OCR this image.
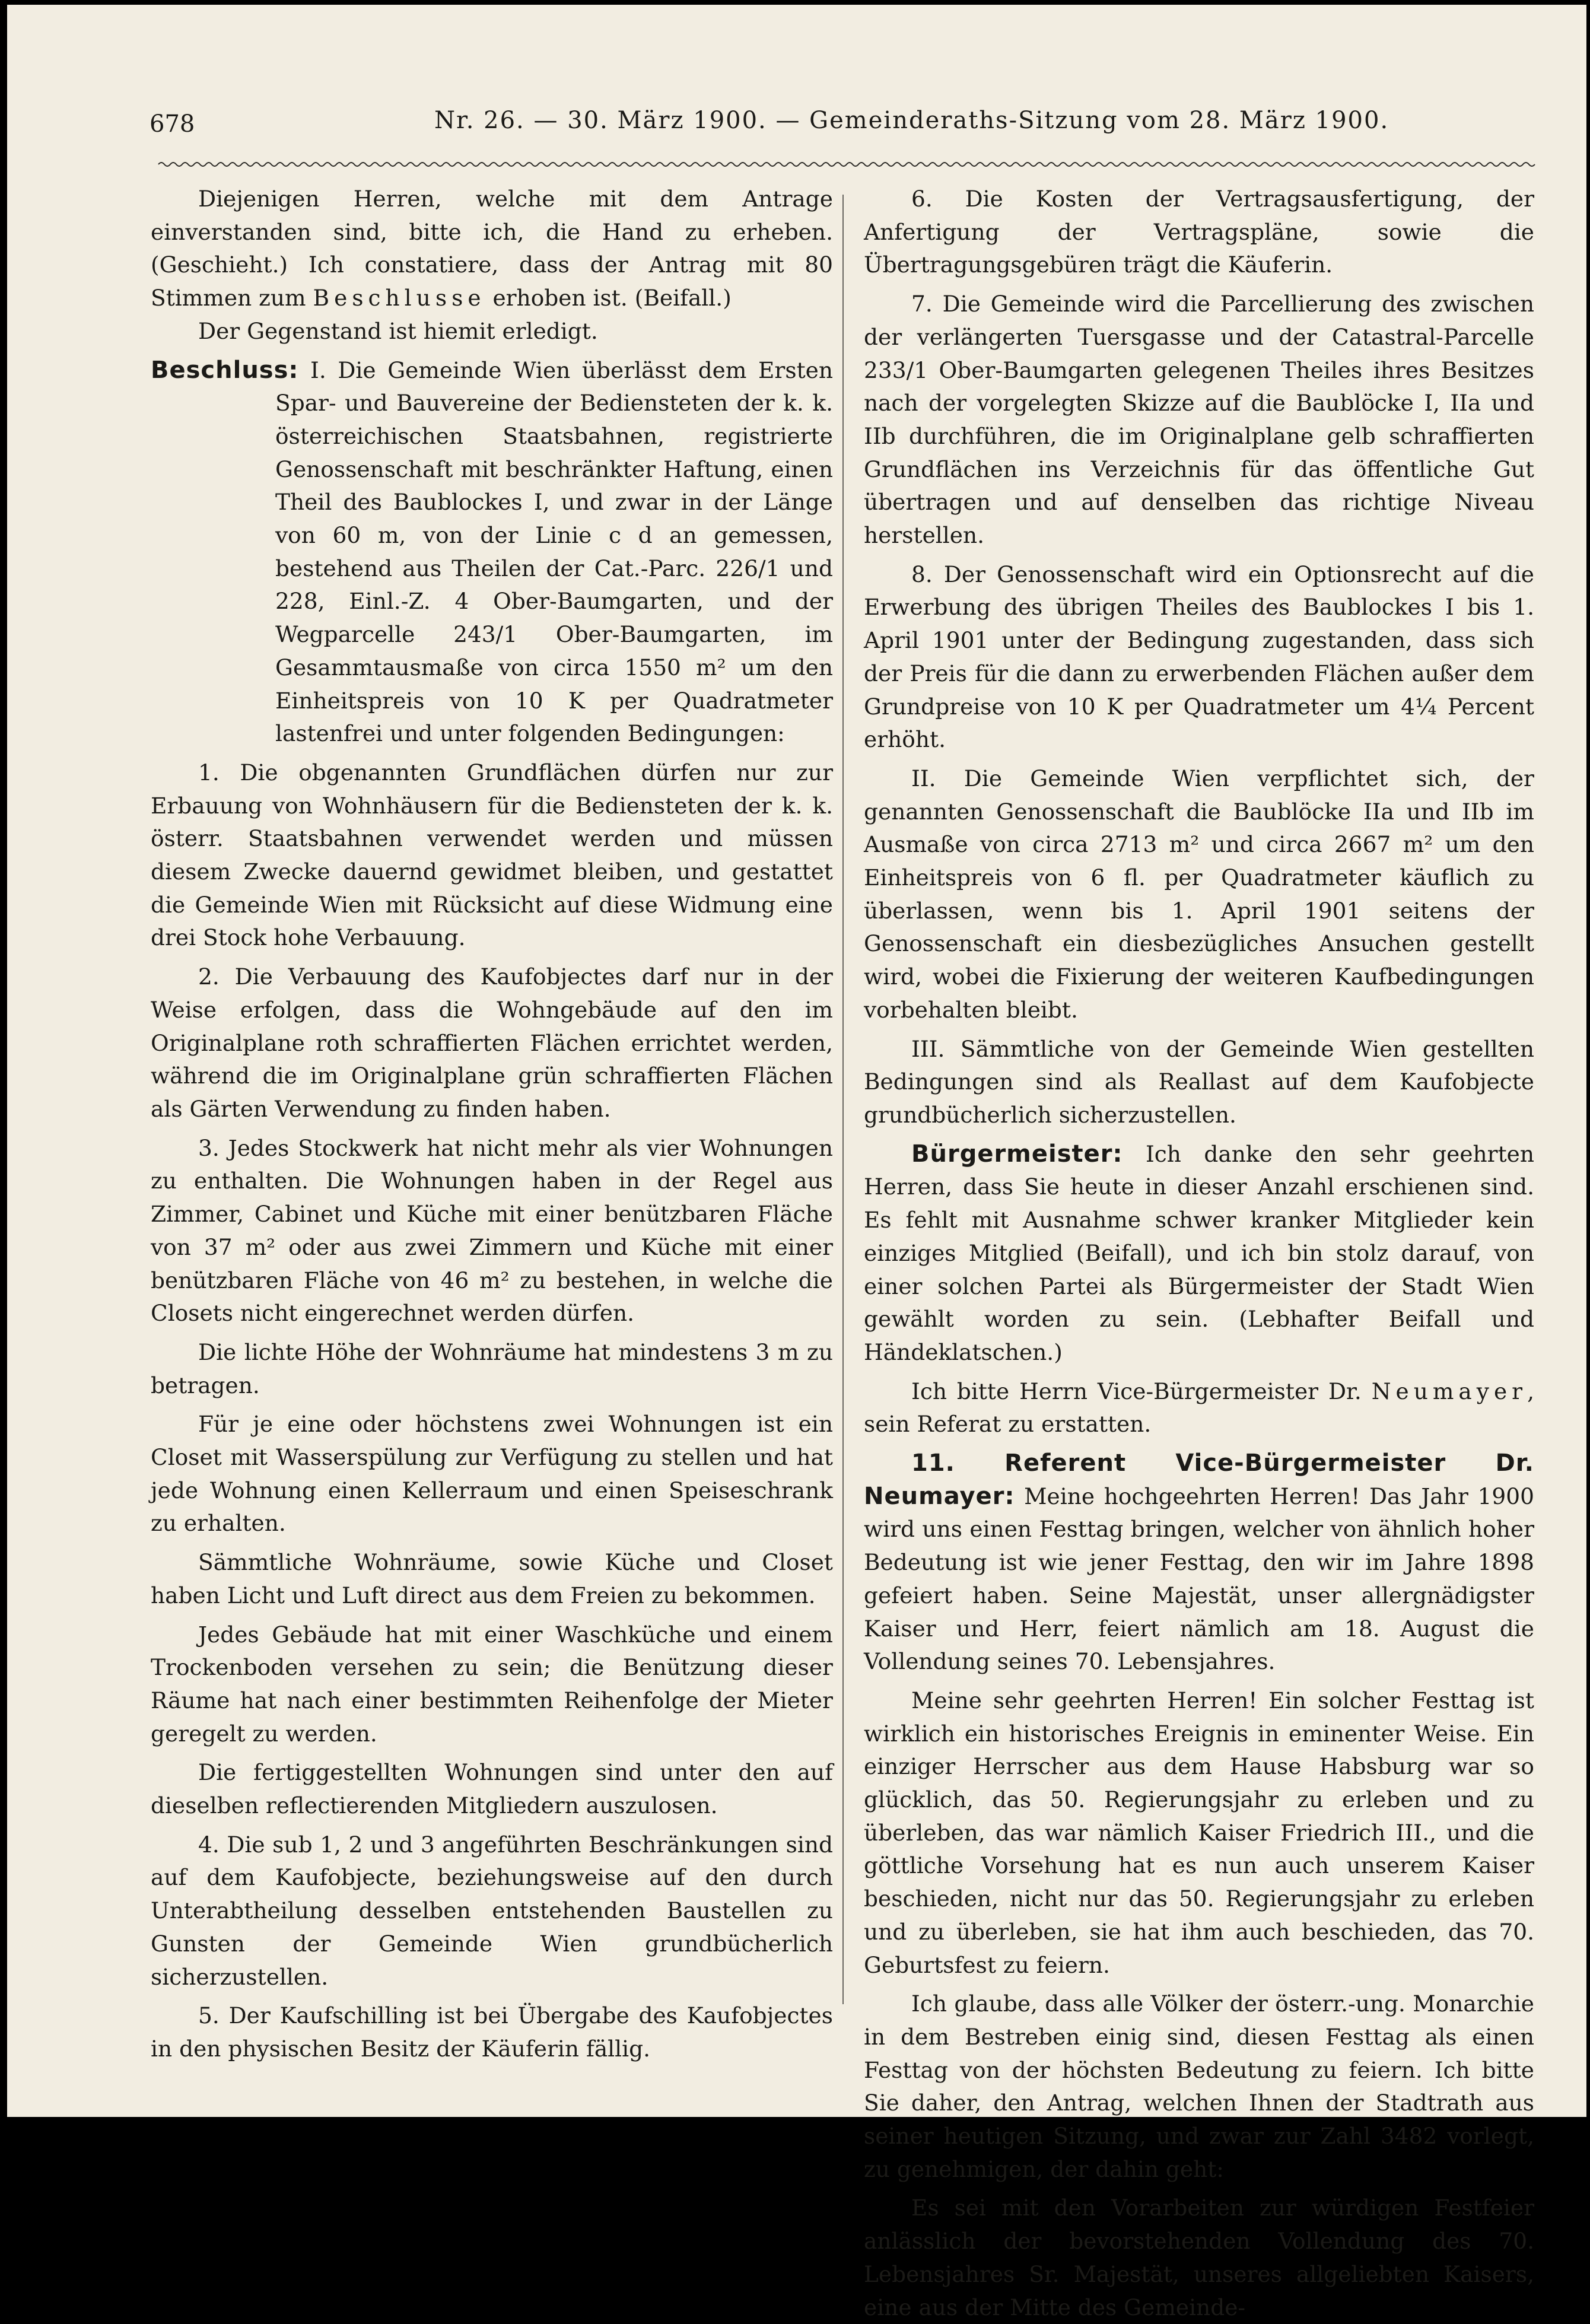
678	Nr. 26. — 30. März 1900. — Gemeinderaths-Sitzung vom 28. März 1900.

Diejenigen Herren, welche mit dem Antrage einverstanden sind, bitte ich, die Hand zu erheben. (Geschieht.) Ich constatiere, dass der Antrag mit 80 Stimmen zum Beschlusse erhoben ist. (Beifall.)

Der Gegenstand ist hiemit erledigt.

Beschluss: I. Die Gemeinde Wien überlässt dem Ersten Spar- und Bauvereine der Bediensteten der k. k. österreichischen Staatsbahnen, registrierte Genossenschaft mit beschränkter Haftung, einen Theil des Baublockes I, und zwar in der Länge von 60 m, von der Linie c d an gemessen, bestehend aus Theilen der Cat.-Parc. 226/1 und 228, Einl.-Z. 4 Ober-Baumgarten, und der Wegparcelle 243/1 Ober-Baumgarten, im Gesammtausmaße von circa 1550 m² um den Einheitspreis von 10 K per Quadratmeter lastenfrei und unter folgenden Bedingungen:

1. Die obgenannten Grundflächen dürfen nur zur Erbauung von Wohnhäusern für die Bediensteten der k. k. österr. Staatsbahnen verwendet werden und müssen diesem Zwecke dauernd gewidmet bleiben, und gestattet die Gemeinde Wien mit Rücksicht auf diese Widmung eine drei Stock hohe Verbauung.

2. Die Verbauung des Kaufobjectes darf nur in der Weise erfolgen, dass die Wohngebäude auf den im Originalplane roth schraffierten Flächen errichtet werden, während die im Originalplane grün schraffierten Flächen als Gärten Verwendung zu finden haben.

3. Jedes Stockwerk hat nicht mehr als vier Wohnungen zu enthalten. Die Wohnungen haben in der Regel aus Zimmer, Cabinet und Küche mit einer benützbaren Fläche von 37 m² oder aus zwei Zimmern und Küche mit einer benützbaren Fläche von 46 m² zu bestehen, in welche die Closets nicht eingerechnet werden dürfen.

Die lichte Höhe der Wohnräume hat mindestens 3 m zu betragen.

Für je eine oder höchstens zwei Wohnungen ist ein Closet mit Wasserspülung zur Verfügung zu stellen und hat jede Wohnung einen Kellerraum und einen Speiseschrank zu erhalten.

Sämmtliche Wohnräume, sowie Küche und Closet haben Licht und Luft direct aus dem Freien zu bekommen.

Jedes Gebäude hat mit einer Waschküche und einem Trockenboden versehen zu sein; die Benützung dieser Räume hat nach einer bestimmten Reihenfolge der Mieter geregelt zu werden.

Die fertiggestellten Wohnungen sind unter den auf dieselben reflectierenden Mitgliedern auszulosen.

4. Die sub 1, 2 und 3 angeführten Beschränkungen sind auf dem Kaufobjecte, beziehungsweise auf den durch Unterabtheilung desselben entstehenden Baustellen zu Gunsten der Gemeinde Wien grundbücherlich sicherzustellen.

5. Der Kaufschilling ist bei Übergabe des Kaufobjectes in den physischen Besitz der Käuferin fällig.

6. Die Kosten der Vertragsausfertigung, der Anfertigung der Vertragspläne, sowie die Übertragungsgebüren trägt die Käuferin.

7. Die Gemeinde wird die Parcellierung des zwischen der verlängerten Tuersgasse und der Catastral-Parcelle 233/1 Ober-Baumgarten gelegenen Theiles ihres Besitzes nach der vorgelegten Skizze auf die Baublöcke I, IIa und IIb durchführen, die im Originalplane gelb schraffierten Grundflächen ins Verzeichnis für das öffentliche Gut übertragen und auf denselben das richtige Niveau herstellen.

8. Der Genossenschaft wird ein Optionsrecht auf die Erwerbung des übrigen Theiles des Baublockes I bis 1. April 1901 unter der Bedingung zugestanden, dass sich der Preis für die dann zu erwerbenden Flächen außer dem Grundpreise von 10 K per Quadratmeter um 4¼ Percent erhöht.

II. Die Gemeinde Wien verpflichtet sich, der genannten Genossenschaft die Baublöcke IIa und IIb im Ausmaße von circa 2713 m² und circa 2667 m² um den Einheitspreis von 6 fl. per Quadratmeter käuflich zu überlassen, wenn bis 1. April 1901 seitens der Genossenschaft ein diesbezügliches Ansuchen gestellt wird, wobei die Fixierung der weiteren Kaufbedingungen vorbehalten bleibt.

III. Sämmtliche von der Gemeinde Wien gestellten Bedingungen sind als Reallast auf dem Kaufobjecte grundbücherlich sicherzustellen.

Bürgermeister: Ich danke den sehr geehrten Herren, dass Sie heute in dieser Anzahl erschienen sind. Es fehlt mit Ausnahme schwer kranker Mitglieder kein einziges Mitglied (Beifall), und ich bin stolz darauf, von einer solchen Partei als Bürgermeister der Stadt Wien gewählt worden zu sein. (Lebhafter Beifall und Händeklatschen.)

Ich bitte Herrn Vice-Bürgermeister Dr. Neumayer, sein Referat zu erstatten.

11. Referent Vice-Bürgermeister Dr. Neumayer: Meine hochgeehrten Herren! Das Jahr 1900 wird uns einen Festtag bringen, welcher von ähnlich hoher Bedeutung ist wie jener Festtag, den wir im Jahre 1898 gefeiert haben. Seine Majestät, unser allergnädigster Kaiser und Herr, feiert nämlich am 18. August die Vollendung seines 70. Lebensjahres.

Meine sehr geehrten Herren! Ein solcher Festtag ist wirklich ein historisches Ereignis in eminenter Weise. Ein einziger Herrscher aus dem Hause Habsburg war so glücklich, das 50. Regierungsjahr zu erleben und zu überleben, das war nämlich Kaiser Friedrich III., und die göttliche Vorsehung hat es nun auch unserem Kaiser beschieden, nicht nur das 50. Regierungsjahr zu erleben und zu überleben, sie hat ihm auch beschieden, das 70. Geburtsfest zu feiern.

Ich glaube, dass alle Völker der österr.-ung. Monarchie in dem Bestreben einig sind, diesen Festtag als einen Festtag von der höchsten Bedeutung zu feiern. Ich bitte Sie daher, den Antrag, welchen Ihnen der Stadtrath aus seiner heutigen Sitzung, und zwar zur Zahl 3482 vorlegt, zu genehmigen, der dahin geht:

Es sei mit den Vorarbeiten zur würdigen Festfeier anlässlich der bevorstehenden Vollendung des 70. Lebensjahres Sr. Majestät, unseres allgeliebten Kaisers, eine aus der Mitte des Gemeinde-
